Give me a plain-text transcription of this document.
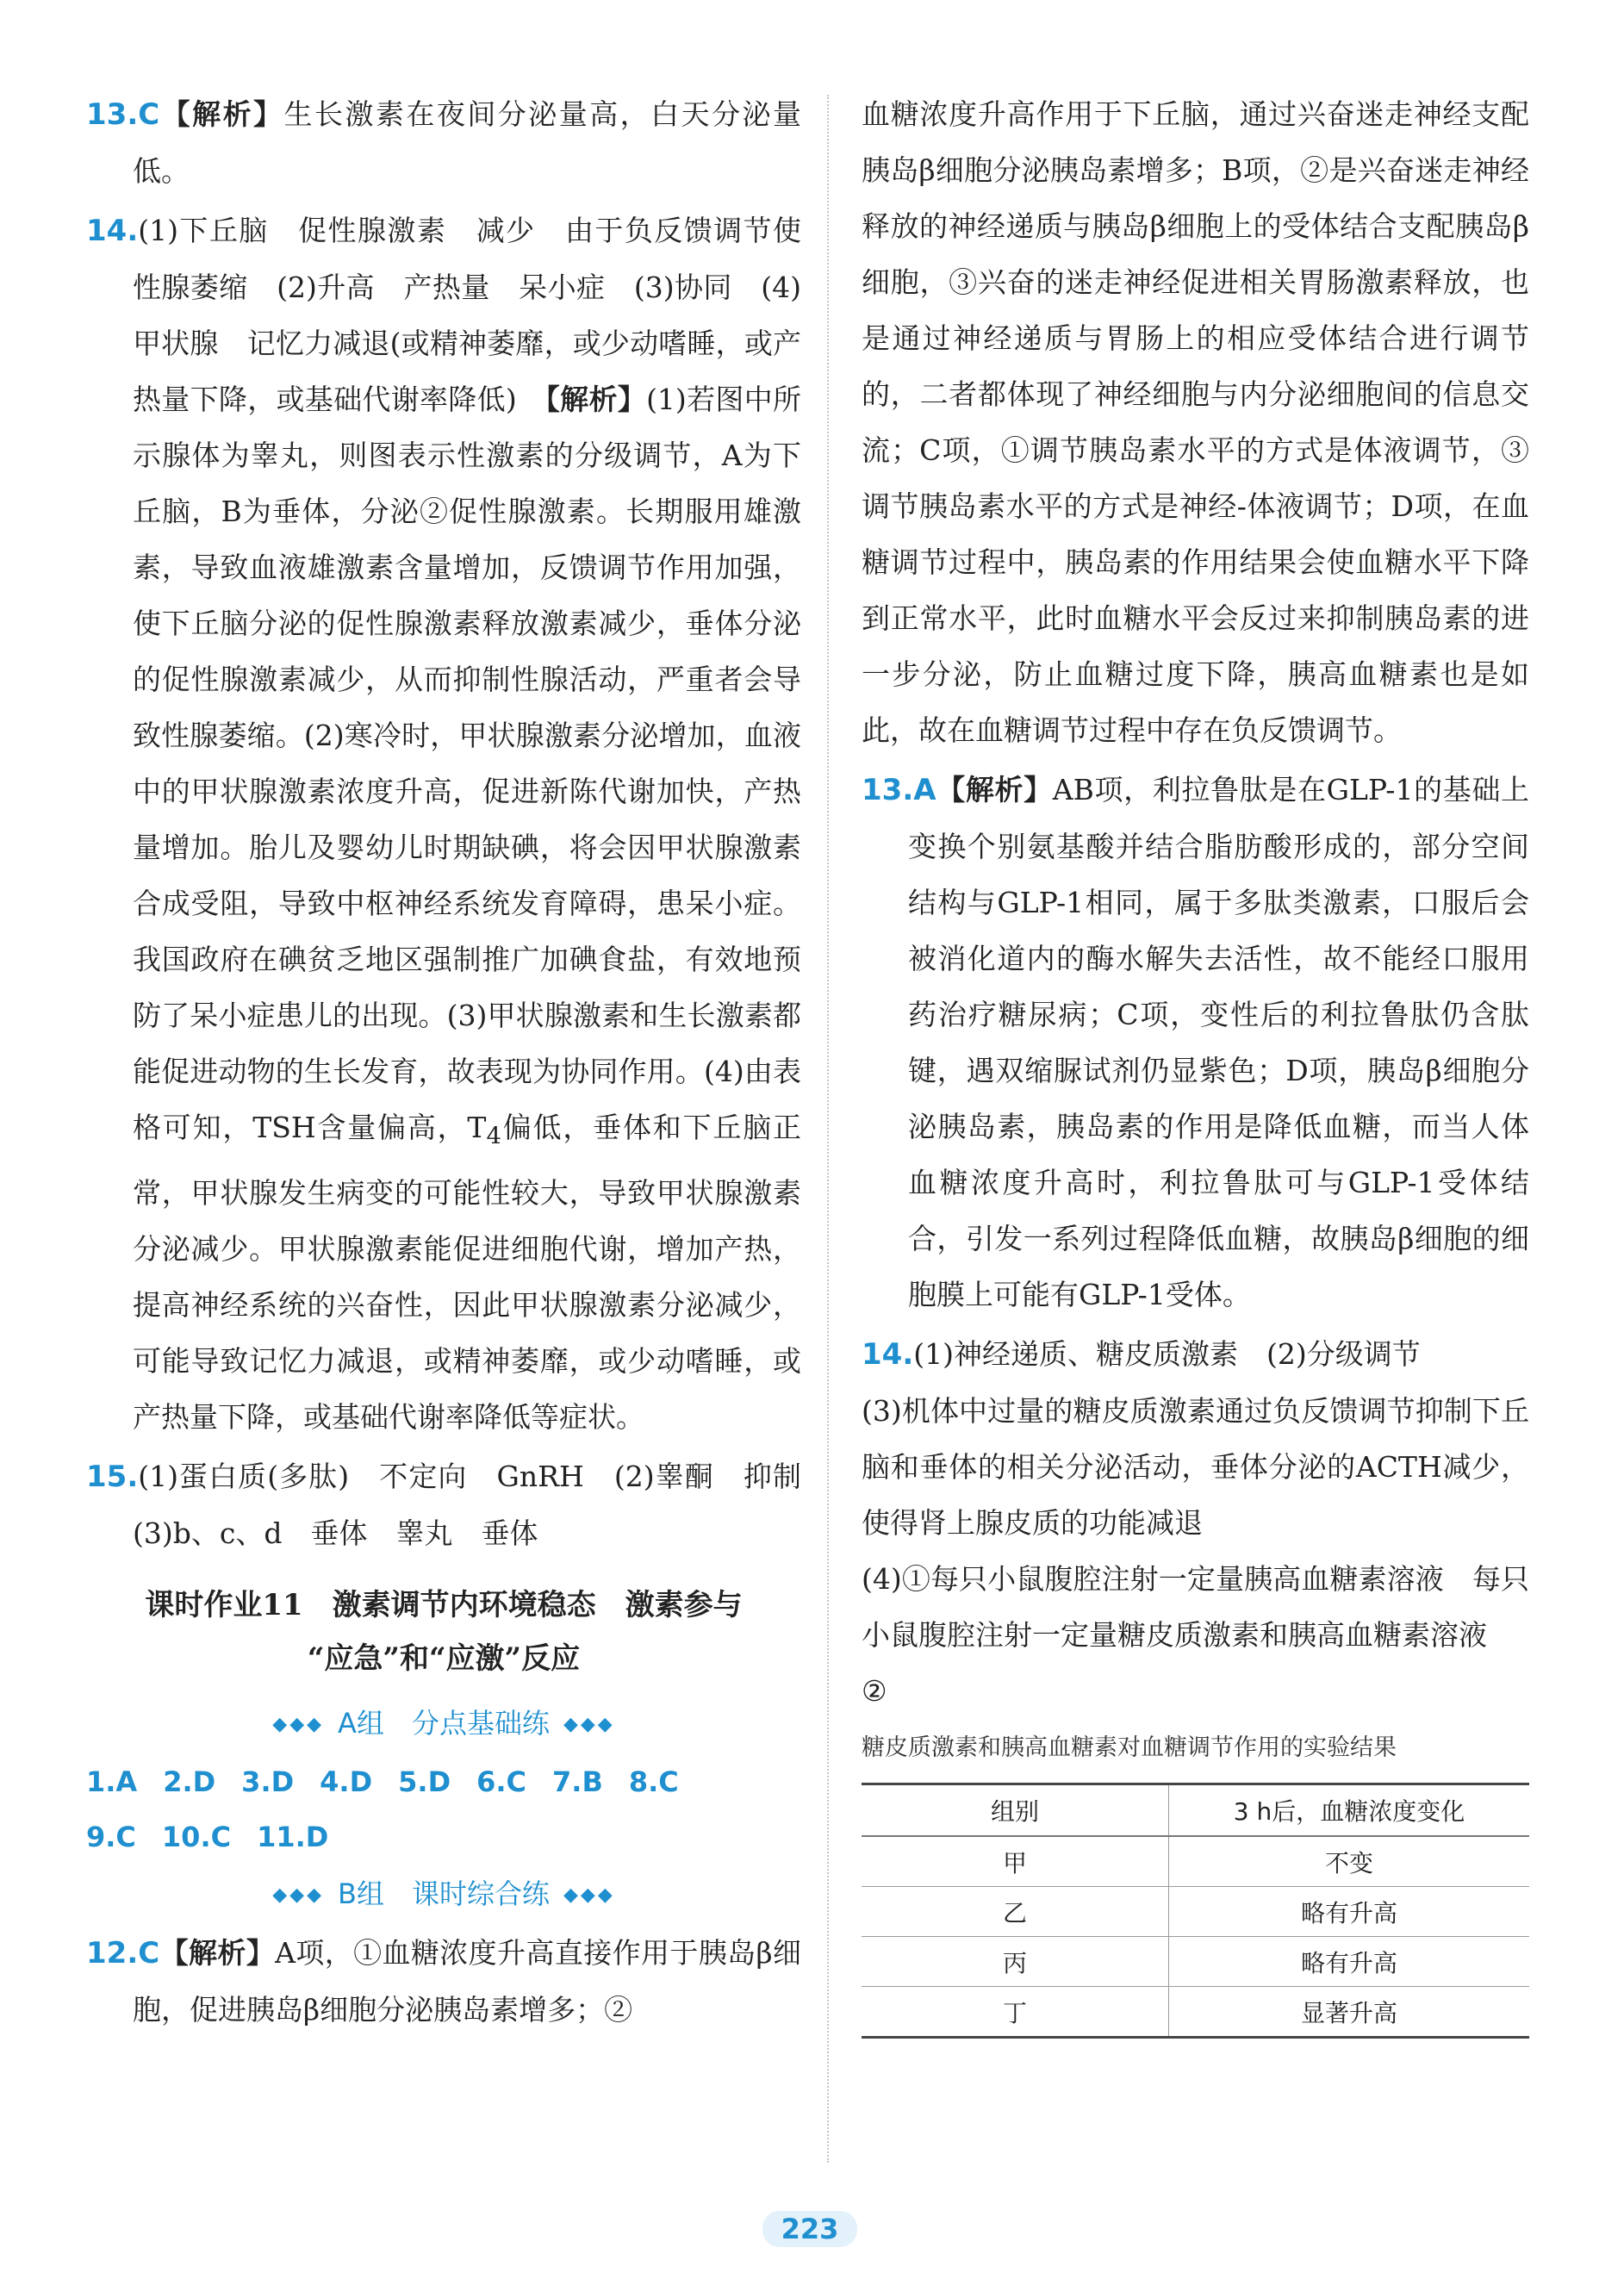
13.C【解析】生长激素在夜间分泌量高，白天分泌量低。

14.(1)下丘脑　促性腺激素　减少　由于负反馈调节使性腺萎缩　(2)升高　产热量　呆小症　(3)协同　(4)甲状腺　记忆力减退(或精神萎靡，或少动嗜睡，或产热量下降，或基础代谢率降低)　【解析】(1)若图中所示腺体为睾丸，则图表示性激素的分级调节，A为下丘脑，B为垂体，分泌②促性腺激素。长期服用雄激素，导致血液雄激素含量增加，反馈调节作用加强，使下丘脑分泌的促性腺激素释放激素减少，垂体分泌的促性腺激素减少，从而抑制性腺活动，严重者会导致性腺萎缩。(2)寒冷时，甲状腺激素分泌增加，血液中的甲状腺激素浓度升高，促进新陈代谢加快，产热量增加。胎儿及婴幼儿时期缺碘，将会因甲状腺激素合成受阻，导致中枢神经系统发育障碍，患呆小症。我国政府在碘贫乏地区强制推广加碘食盐，有效地预防了呆小症患儿的出现。(3)甲状腺激素和生长激素都能促进动物的生长发育，故表现为协同作用。(4)由表格可知，TSH含量偏高，$T_4$偏低，垂体和下丘脑正常，甲状腺发生病变的可能性较大，导致甲状腺激素分泌减少。甲状腺激素能促进细胞代谢，增加产热，提高神经系统的兴奋性，因此甲状腺激素分泌减少，可能导致记忆力减退，或精神萎靡，或少动嗜睡，或产热量下降，或基础代谢率降低等症状。

15.(1)蛋白质(多肽)　不定向　GnRH　(2)睾酮　抑制　(3)b、c、d　垂体　睾丸　垂体

课时作业11　激素调节内环境稳态　激素参与
“应急”和“应激”反应
◆◆◆ A组　分点基础练 ◆◆◆

1.A 2.D 3.D 4.D 5.D 6.C 7.B 8.C

9.C 10.C 11.D

◆◆◆ B组　课时综合练 ◆◆◆

12.C【解析】A项，①血糖浓度升高直接作用于胰岛β细胞，促进胰岛β细胞分泌胰岛素增多；②

血糖浓度升高作用于下丘脑，通过兴奋迷走神经支配胰岛β细胞分泌胰岛素增多；B项，②是兴奋迷走神经释放的神经递质与胰岛β细胞上的受体结合支配胰岛β细胞，③兴奋的迷走神经促进相关胃肠激素释放，也是通过神经递质与胃肠上的相应受体结合进行调节的，二者都体现了神经细胞与内分泌细胞间的信息交流；C项，①调节胰岛素水平的方式是体液调节，③调节胰岛素水平的方式是神经-体液调节；D项，在血糖调节过程中，胰岛素的作用结果会使血糖水平下降到正常水平，此时血糖水平会反过来抑制胰岛素的进一步分泌，防止血糖过度下降，胰高血糖素也是如此，故在血糖调节过程中存在负反馈调节。

13.A【解析】AB项，利拉鲁肽是在GLP-1的基础上变换个别氨基酸并结合脂肪酸形成的，部分空间结构与GLP-1相同，属于多肽类激素，口服后会被消化道内的酶水解失去活性，故不能经口服用药治疗糖尿病；C项，变性后的利拉鲁肽仍含肽键，遇双缩脲试剂仍显紫色；D项，胰岛β细胞分泌胰岛素，胰岛素的作用是降低血糖，而当人体血糖浓度升高时，利拉鲁肽可与GLP-1受体结合，引发一系列过程降低血糖，故胰岛β细胞的细胞膜上可能有GLP-1受体。

14.(1)神经递质、糖皮质激素　(2)分级调节

(3)机体中过量的糖皮质激素通过负反馈调节抑制下丘脑和垂体的相关分泌活动，垂体分泌的ACTH减少，使得肾上腺皮质的功能减退

(4)①每只小鼠腹腔注射一定量胰高血糖素溶液　每只小鼠腹腔注射一定量糖皮质激素和胰高血糖素溶液

②

糖皮质激素和胰高血糖素对血糖调节作用的实验结果
组别	3 h后，血糖浓度变化
甲	不变
乙	略有升高
丙	略有升高
丁	显著升高
223
